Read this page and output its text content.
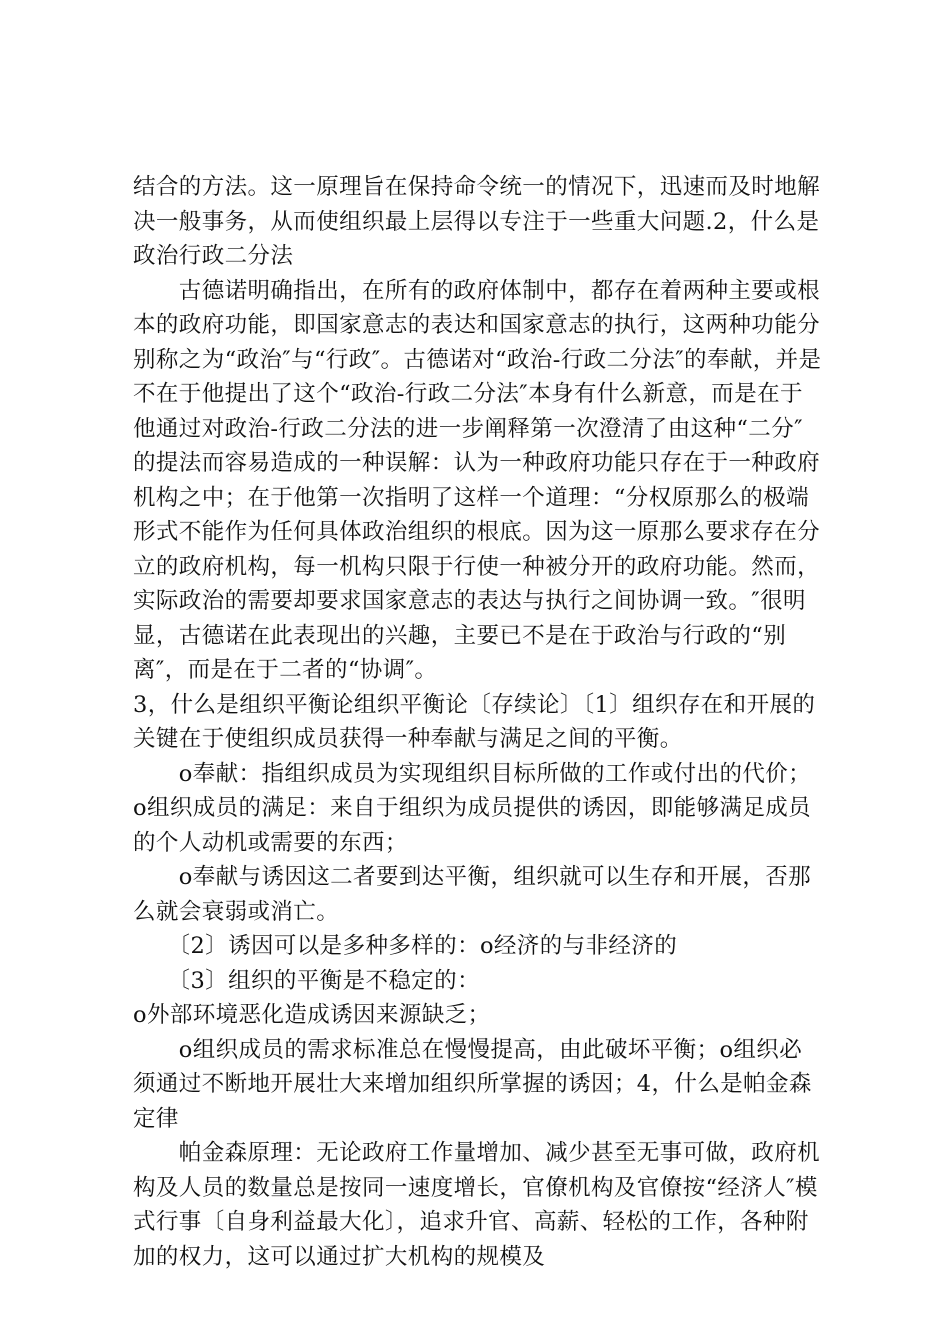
结合的方法。这一原理旨在保持命令统一的情况下，迅速而及时地解决一般事务，从而使组织最上层得以专注于一些重大问题.2，什么是政治行政二分法

　　古德诺明确指出，在所有的政府体制中，都存在着两种主要或根本的政府功能，即国家意志的表达和国家意志的执行，这两种功能分别称之为“政治″与“行政″。古德诺对“政治-行政二分法″的奉献，并是不在于他提出了这个“政治-行政二分法″本身有什么新意，而是在于他通过对政治-行政二分法的进一步阐释第一次澄清了由这种“二分″的提法而容易造成的一种误解：认为一种政府功能只存在于一种政府机构之中；在于他第一次指明了这样一个道理：“分权原那么的极端形式不能作为任何具体政治组织的根底。因为这一原那么要求存在分立的政府机构，每一机构只限于行使一种被分开的政府功能。然而，实际政治的需要却要求国家意志的表达与执行之间协调一致。″很明显，古德诺在此表现出的兴趣，主要已不是在于政治与行政的“别离″，而是在于二者的“协调″。

3，什么是组织平衡论组织平衡论〔存续论〕〔1〕组织存在和开展的关键在于使组织成员获得一种奉献与满足之间的平衡。

　　o奉献：指组织成员为实现组织目标所做的工作或付出的代价；o组织成员的满足：来自于组织为成员提供的诱因，即能够满足成员的个人动机或需要的东西；

　　o奉献与诱因这二者要到达平衡，组织就可以生存和开展，否那么就会衰弱或消亡。

　　〔2〕诱因可以是多种多样的：o经济的与非经济的

　　〔3〕组织的平衡是不稳定的：

o外部环境恶化造成诱因来源缺乏；

　　o组织成员的需求标准总在慢慢提高，由此破坏平衡；o组织必须通过不断地开展壮大来增加组织所掌握的诱因；4，什么是帕金森定律

　　帕金森原理：无论政府工作量增加、减少甚至无事可做，政府机构及人员的数量总是按同一速度增长，官僚机构及官僚按“经济人″模式行事〔自身利益最大化〕，追求升官、高薪、轻松的工作，各种附加的权力，这可以通过扩大机构的规模及
